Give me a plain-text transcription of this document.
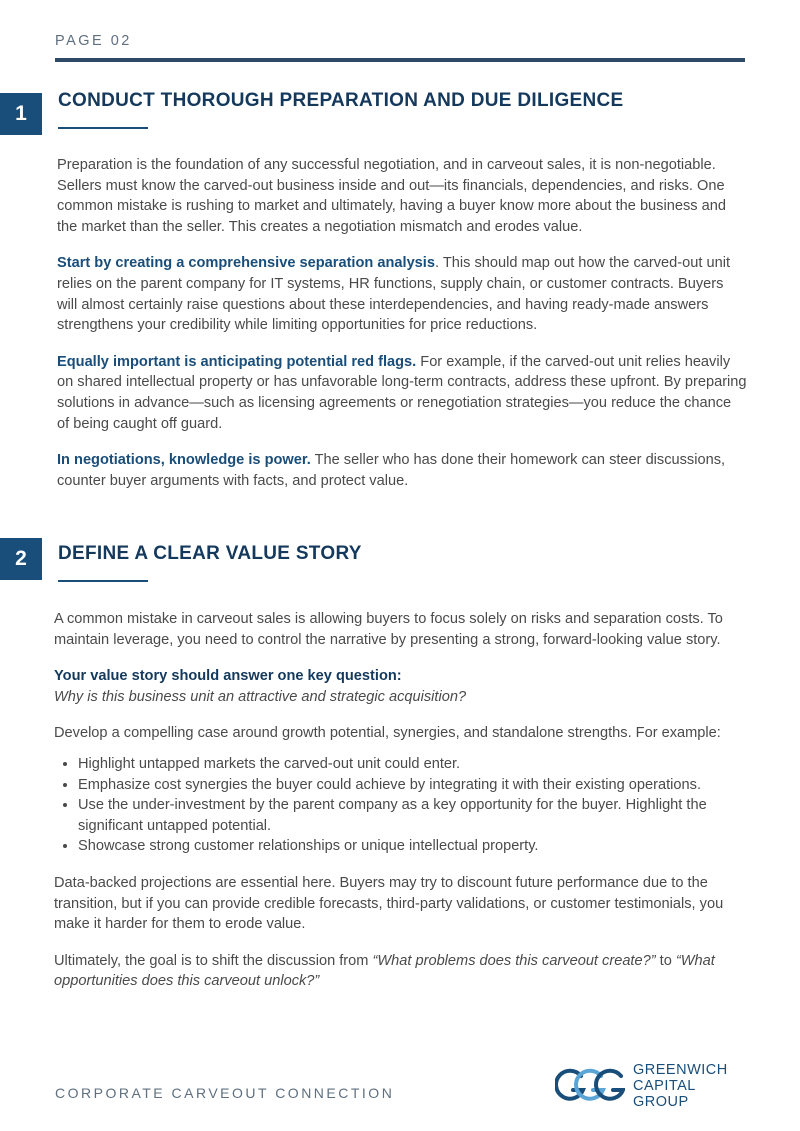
PAGE 02
1
CONDUCT THOROUGH PREPARATION AND DUE DILIGENCE

Preparation is the foundation of any successful negotiation, and in carveout sales, it is non-negotiable. Sellers must know the carved-out business inside and out—its financials, dependencies, and risks. One common mistake is rushing to market and ultimately, having a buyer know more about the business and the market than the seller. This creates a negotiation mismatch and erodes value.

Start by creating a comprehensive separation analysis. This should map out how the carved-out unit relies on the parent company for IT systems, HR functions, supply chain, or customer contracts. Buyers will almost certainly raise questions about these interdependencies, and having ready-made answers strengthens your credibility while limiting opportunities for price reductions.

Equally important is anticipating potential red flags. For example, if the carved-out unit relies heavily on shared intellectual property or has unfavorable long-term contracts, address these upfront. By preparing solutions in advance—such as licensing agreements or renegotiation strategies—you reduce the chance of being caught off guard.

In negotiations, knowledge is power. The seller who has done their homework can steer discussions, counter buyer arguments with facts, and protect value.

2	DEFINE A CLEAR VALUE STORY

A common mistake in carveout sales is allowing buyers to focus solely on risks and separation costs. To maintain leverage, you need to control the narrative by presenting a strong, forward-looking value story.

Your value story should answer one key question:
Why is this business unit an attractive and strategic acquisition?

Develop a compelling case around growth potential, synergies, and standalone strengths. For example:

• Highlight untapped markets the carved-out unit could enter.
• Emphasize cost synergies the buyer could achieve by integrating it with their existing operations.
• Use the under-investment by the parent company as a key opportunity for the buyer. Highlight the significant untapped potential.
• Showcase strong customer relationships or unique intellectual property.

Data-backed projections are essential here. Buyers may try to discount future performance due to the transition, but if you can provide credible forecasts, third-party validations, or customer testimonials, you make it harder for them to erode value.

Ultimately, the goal is to shift the discussion from “What problems does this carveout create?” to “What opportunities does this carveout unlock?”

CORPORATE CARVEOUT CONNECTION
GREENWICH
CAPITAL GROUP
